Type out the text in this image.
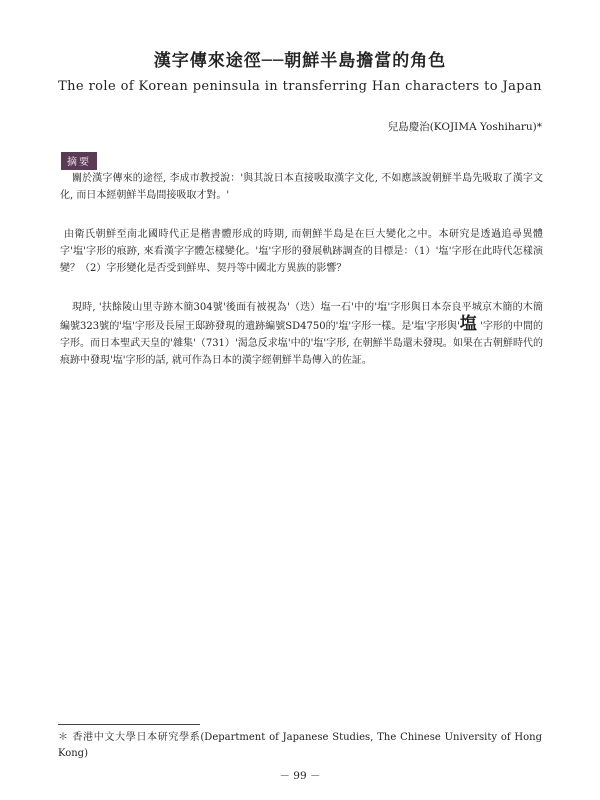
漢字傳來途徑──朝鮮半島擔當的角色
The role of Korean peninsula in transferring Han characters to Japan
兒島慶治(KOJIMA Yoshiharu)*
摘要

關於漢字傳來的途徑, 李成市教授說：'與其說日本直接吸取漢字文化, 不如應該說朝鮮半島先吸取了漢字文化, 而日本經朝鮮半島間接吸取才對。'

由衛氏朝鮮至南北國時代正是楷書體形成的時期, 而朝鮮半島是在巨大變化之中。本研究是透過追尋異體字'塩'字形的痕跡, 來看漢字字體怎樣變化。'塩'字形的發展軌跡調查的目標是：（1）'塩'字形在此時代怎樣演變？（2）字形變化是否受到鮮卑、契丹等中國北方異族的影響？

現時, '扶餘陵山里寺跡木簡304號'後面有被視為'（迭）塩一石'中的'塩'字形與日本奈良平城京木簡的木簡編號323號的'塩'字形及長屋王邸跡發現的遺跡編號SD4750的'塩'字形一樣。是'塩'字形與'塩 '字形的中間的字形。而日本聖武天皇的'雜集'（731）'渴急反求塩'中的'塩'字形, 在朝鮮半島還未發現。如果在古朝鮮時代的痕跡中發現'塩'字形的話, 就可作為日本的漢字經朝鮮半島傳入的佐証。

＊ 香港中文大學日本研究學系(Department of Japanese Studies, The Chinese University of Hong Kong)
－ 99 －
